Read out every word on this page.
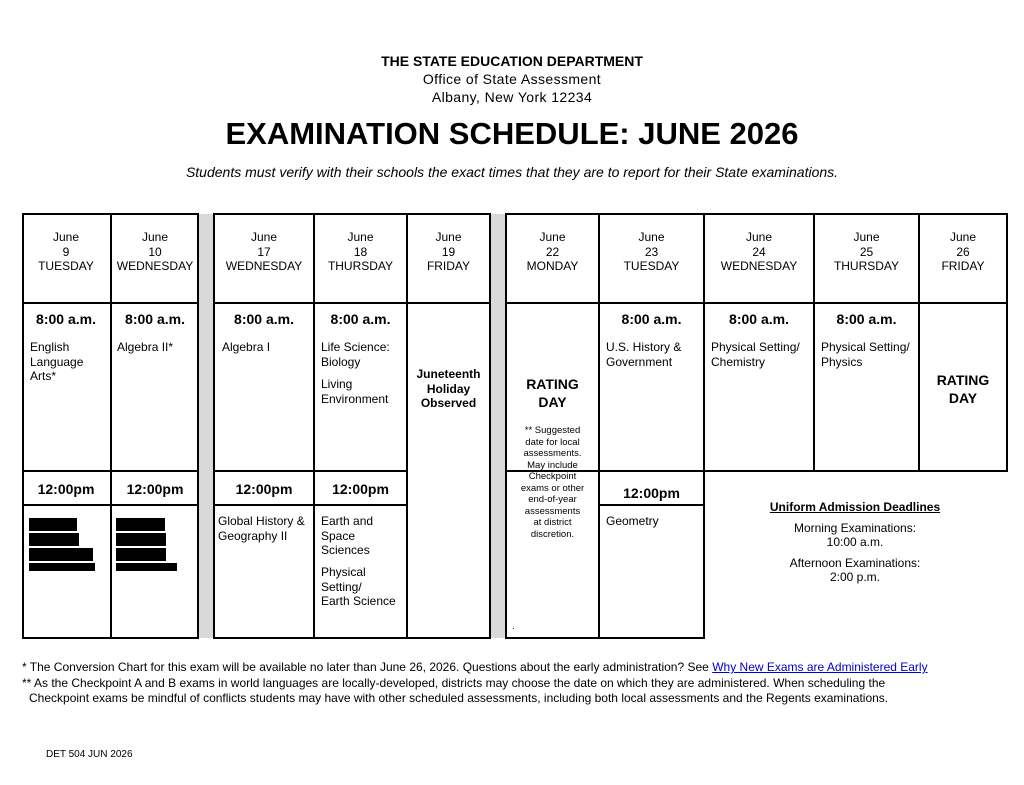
THE STATE EDUCATION DEPARTMENT
Office of State Assessment
Albany, New York 12234
EXAMINATION SCHEDULE: JUNE 2026
Students must verify with their schools the exact times that they are to report for their State examinations.
June
9
TUESDAY
8:00 a.m.
English
Language
Arts*
12:00pm
June
10
WEDNESDAY
8:00 a.m.
Algebra II*
12:00pm
June
17
WEDNESDAY
8:00 a.m.
Algebra I
12:00pm
Global History &
Geography II
June
18
THURSDAY
8:00 a.m.
Life Science:
Biology
Living
Environment
12:00pm
Earth and
Space
Sciences
Physical
Setting/
Earth Science
June
19
FRIDAY
Juneteenth
Holiday
Observed
June
22
MONDAY
RATING
DAY
** Suggested
date for local
assessments.
May include
Checkpoint
exams or other
end-of-year
assessments
at district
discretion.
.
June
23
TUESDAY
8:00 a.m.
U.S. History &
Government
12:00pm
Geometry
June
24
WEDNESDAY
8:00 a.m.
Physical Setting/
Chemistry
June
25
THURSDAY
8:00 a.m.
Physical Setting/
Physics
June
26
FRIDAY
RATING
DAY
Uniform Admission Deadlines
Morning Examinations:
10:00 a.m.
Afternoon Examinations:
2:00 p.m.
* The Conversion Chart for this exam will be available no later than June 26, 2026. Questions about the early administration? See Why New Exams are Administered Early
** As the Checkpoint A and B exams in world languages are locally-developed, districts may choose the date on which they are administered. When scheduling the
Checkpoint exams be mindful of conflicts students may have with other scheduled assessments, including both local assessments and the Regents examinations.
DET 504 JUN 2026
